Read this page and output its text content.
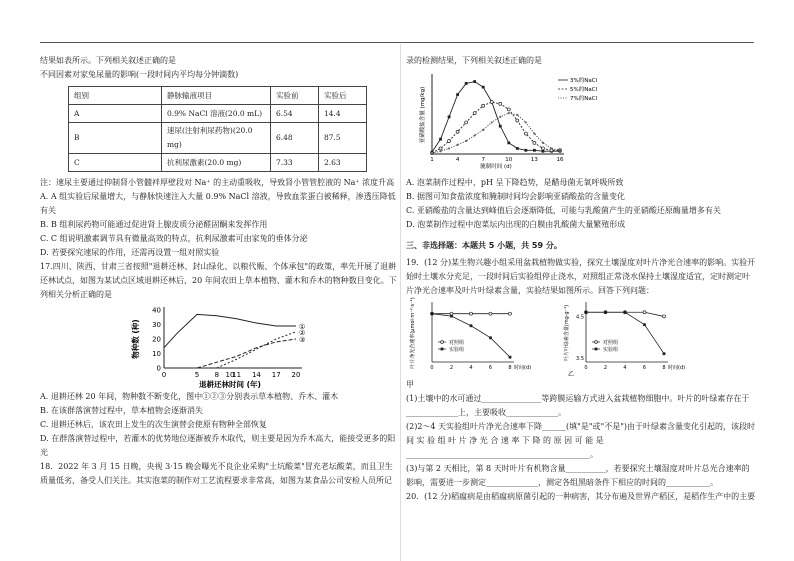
结果如表所示。下列相关叙述正确的是

不同因素对家兔尿量的影响(一段时间内平均每分钟滴数)

组别	静脉输液项目	实验前	实验后
A	0.9% NaCl 溶液(20.0 mL)	6.54	14.4
B	速尿(注射利尿药物)(20.0 mg)	6.48	87.5
C	抗利尿激素(20.0 mg)	7.33	2.63

注：速尿主要通过抑制肾小管髓袢厚壁段对 Na⁺ 的主动重吸收，导致肾小管管腔液的 Na⁺ 浓度升高

A. A 组实验后尿量增大，与静脉快速注入大量 0.9% NaCl 溶液，导致血浆蛋白被稀释，渗透压降低有关

B. B 组利尿药物可能通过促进肾上腺皮质分泌醛固酮来发挥作用

C. C 组说明激素调节具有微量高效的特点，抗利尿激素可由家兔的垂体分泌

D. 若要探究速尿的作用，还需再设置一组对照实验

17.四川、陕西、甘肃三省按照"退耕还林、封山绿化、以粮代赈、个体承包"的政策，率先开展了退耕还林试点，如图为某试点区域退耕还林后，20 年间农田上草本植物、灌木和乔木的物种数目变化。下列相关分析正确的是

0	5 8 10
11 14 17 20
0
10
20
30
40
退耕还林时间 (年)
物种数 (种)	①
②
③

A. 退耕还林 20 年间，物种数不断变化，图中①②③分别表示草本植物、乔木、灌木

B. 在该群落演替过程中，草本植物会逐渐消失

C. 退耕还林后，该农田上发生的次生演替会使原有物种全部恢复

D. 在群落演替过程中，若灌木的优势地位逐渐被乔木取代，则主要是因为乔木高大，能接受更多的阳光

18．2022 年 3 月 15 日晚，央视 3·15 晚会曝光不良企业采购"土坑酸菜"冒充老坛酸菜，而且卫生质量低劣，备受人们关注。其实泡菜的制作对工艺流程要求非常高，如图为某食品公司安检人员所记

录的检测结果，下列相关叙述正确的是

1	4	7	10	13	16
腌制时间 (d)
亚硝酸盐含量 (mg/kg)
3%的NaCl
5%的NaCl
7%的NaCl

A. 泡菜制作过程中，pH 呈下降趋势，是醋母菌无氧呼吸所致

B. 据图可知食盐浓度和腌制时间均会影响亚硝酸盐的含量变化

C. 亚硝酸盐的含量达到峰值后会逐渐降低，可能与乳酸菌产生的亚硝酸还原酶量增多有关

D. 泡菜制作过程中泡菜坛内出现的白膜由乳酸菌大量繁殖形成

三、非选择题：本题共 5 小题，共 59 分。

19．(12 分)某生物兴趣小组采用盆栽植物做实验，探究土壤湿度对叶片净光合速率的影响。实验开始时土壤水分充足，一段时间后实验组停止浇水，对照组正常浇水保持土壤湿度适宜，定时测定叶片净光合速率及叶片叶绿素含量，实验结果如图所示。回答下列问题：

0	2	4	6	8 时间(d)
叶片净光合速率(μmol·m⁻²·s⁻¹)	对照组
实验组
0	2	4	6	8 时间(d)
3.5
4.5
叶片叶绿素含量(mg·g⁻¹)	对照组
实验组
乙

甲

(1)土壤中的水可通过_______________等跨膜运输方式进入盆栽植物细胞中。叶片的叶绿素存在于_____________上，主要吸收_____________。

(2)2～4 天实验组叶片净光合速率下降______(填"是"或"不是")由于叶绿素含量变化引起的，该段时 间 实 验 组 叶 片 净 光 合 速 率 下 降 的 原 因 可 能 是 ______________________________________________。

(3)与第 2 天相比，第 8 天时叶片有机物含量__________，若要探究土壤湿度对叶片总光合速率的影响，需要进一步测定_____________，测定各组黑暗条件下相应的时间的___________。

20．(12 分)稻瘟病是由稻瘟病原菌引起的一种病害，其分布遍及世界产稻区，是稻作生产中的主要
